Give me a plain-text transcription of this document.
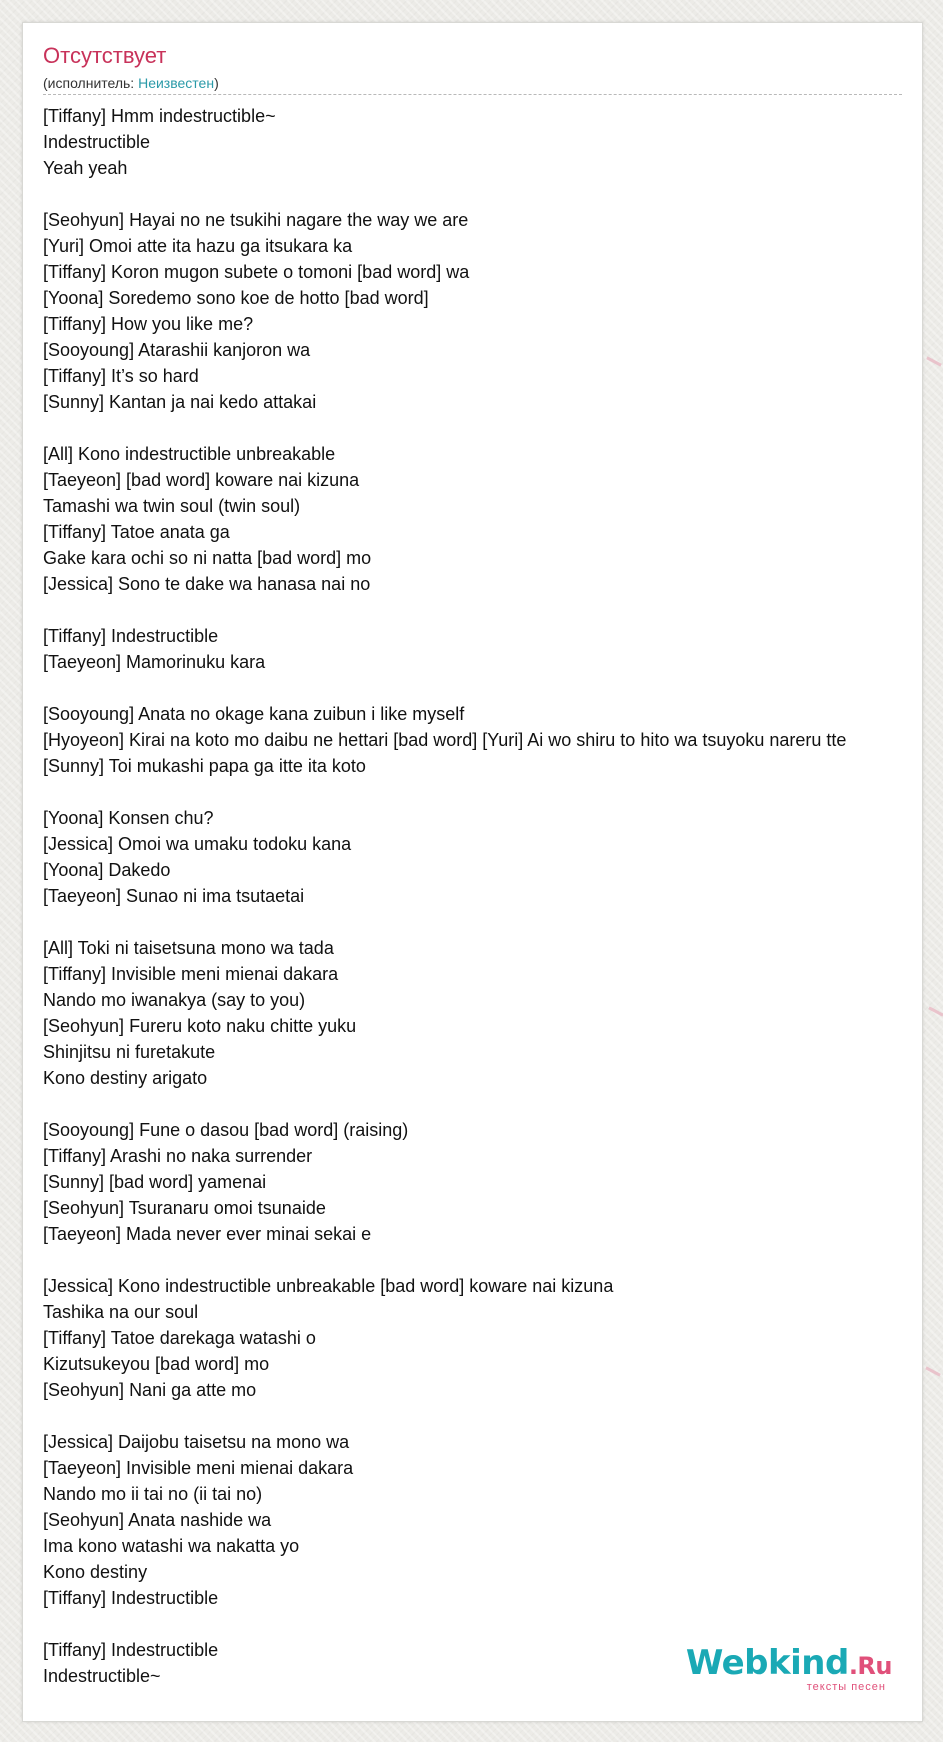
Отсутствует
(исполнитель: Неизвестен)
[Tiffany] Hmm indestructible~
Indestructible
Yeah yeah

[Seohyun] Hayai no ne tsukihi nagare the way we are
[Yuri] Omoi atte ita hazu ga itsukara ka
[Tiffany] Koron mugon subete o tomoni [bad word] wa
[Yoona] Soredemo sono koe de hotto [bad word]
[Tiffany] How you like me?
[Sooyoung] Atarashii kanjoron wa
[Tiffany] It’s so hard
[Sunny] Kantan ja nai kedo attakai

[All] Kono indestructible unbreakable
[Taeyeon] [bad word] koware nai kizuna
Tamashi wa twin soul (twin soul)
[Tiffany] Tatoe anata ga
Gake kara ochi so ni natta [bad word] mo
[Jessica] Sono te dake wa hanasa nai no

[Tiffany] Indestructible
[Taeyeon] Mamorinuku kara

[Sooyoung] Anata no okage kana zuibun i like myself
[Hyoyeon] Kirai na koto mo daibu ne hettari [bad word] [Yuri] Ai wo shiru to hito wa tsuyoku nareru tte
[Sunny] Toi mukashi papa ga itte ita koto

[Yoona] Konsen chu?
[Jessica] Omoi wa umaku todoku kana
[Yoona] Dakedo
[Taeyeon] Sunao ni ima tsutaetai

[All] Toki ni taisetsuna mono wa tada
[Tiffany] Invisible meni mienai dakara
Nando mo iwanakya (say to you)
[Seohyun] Fureru koto naku chitte yuku
Shinjitsu ni furetakute
Kono destiny arigato

[Sooyoung] Fune o dasou [bad word] (raising)
[Tiffany] Arashi no naka surrender
[Sunny] [bad word] yamenai
[Seohyun] Tsuranaru omoi tsunaide
[Taeyeon] Mada never ever minai sekai e

[Jessica] Kono indestructible unbreakable [bad word] koware nai kizuna
Tashika na our soul
[Tiffany] Tatoe darekaga watashi o
Kizutsukeyou [bad word] mo
[Seohyun] Nani ga atte mo

[Jessica] Daijobu taisetsu na mono wa
[Taeyeon] Invisible meni mienai dakara
Nando mo ii tai no (ii tai no)
[Seohyun] Anata nashide wa
Ima kono watashi wa nakatta yo
Kono destiny
[Tiffany] Indestructible

[Tiffany] Indestructible
Indestructible~	Webkind.Ru
тексты песен
